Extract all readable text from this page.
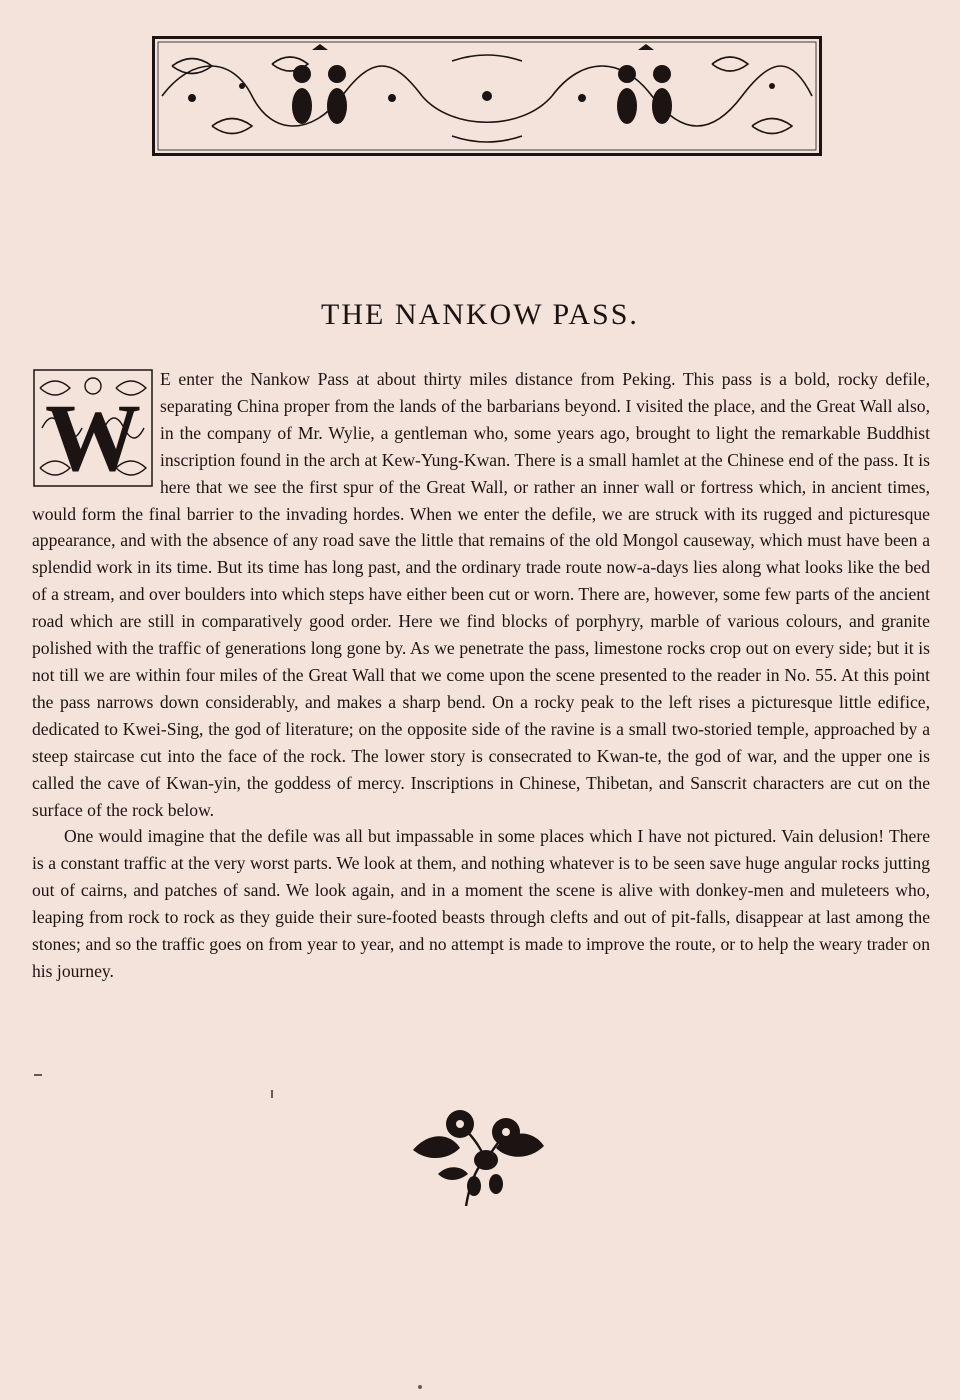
THE NANKOW PASS.
W

E enter the Nankow Pass at about thirty miles distance from Peking. This pass is a bold, rocky defile, separating China proper from the lands of the barbarians beyond. I visited the place, and the Great Wall also, in the company of Mr. Wylie, a gentleman who, some years ago, brought to light the remarkable Buddhist inscription found in the arch at Kew-Yung-Kwan. There is a small hamlet at the Chinese end of the pass. It is here that we see the first spur of the Great Wall, or rather an inner wall or fortress which, in ancient times, would form the final barrier to the invading hordes. When we enter the defile, we are struck with its rugged and picturesque appearance, and with the absence of any road save the little that remains of the old Mongol causeway, which must have been a splendid work in its time. But its time has long past, and the ordinary trade route now-a-days lies along what looks like the bed of a stream, and over boulders into which steps have either been cut or worn. There are, however, some few parts of the ancient road which are still in comparatively good order. Here we find blocks of porphyry, marble of various colours, and granite polished with the traffic of generations long gone by. As we penetrate the pass, limestone rocks crop out on every side; but it is not till we are within four miles of the Great Wall that we come upon the scene presented to the reader in No. 55. At this point the pass narrows down considerably, and makes a sharp bend. On a rocky peak to the left rises a picturesque little edifice, dedicated to Kwei-Sing, the god of literature; on the opposite side of the ravine is a small two-storied temple, approached by a steep staircase cut into the face of the rock. The lower story is consecrated to Kwan-te, the god of war, and the upper one is called the cave of Kwan-yin, the goddess of mercy. Inscriptions in Chinese, Thibetan, and Sanscrit characters are cut on the surface of the rock below.

One would imagine that the defile was all but impassable in some places which I have not pictured. Vain delusion! There is a constant traffic at the very worst parts. We look at them, and nothing whatever is to be seen save huge angular rocks jutting out of cairns, and patches of sand. We look again, and in a moment the scene is alive with donkey-men and muleteers who, leaping from rock to rock as they guide their sure-footed beasts through clefts and out of pit-falls, disappear at last among the stones; and so the traffic goes on from year to year, and no attempt is made to improve the route, or to help the weary trader on his journey.
